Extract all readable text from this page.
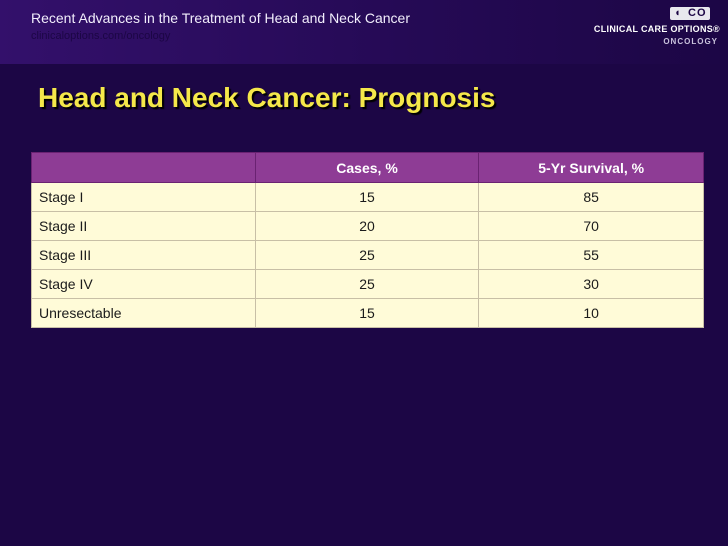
Recent Advances in the Treatment of Head and Neck Cancer
clinicaloptions.com/oncology
◖ CO
CLINICAL CARE OPTIONS®
ONCOLOGY
Head and Neck Cancer: Prognosis
	Cases, %	5-Yr Survival, %
Stage I	15	85
Stage II	20	70
Stage III	25	55
Stage IV	25	30
Unresectable	15	10
